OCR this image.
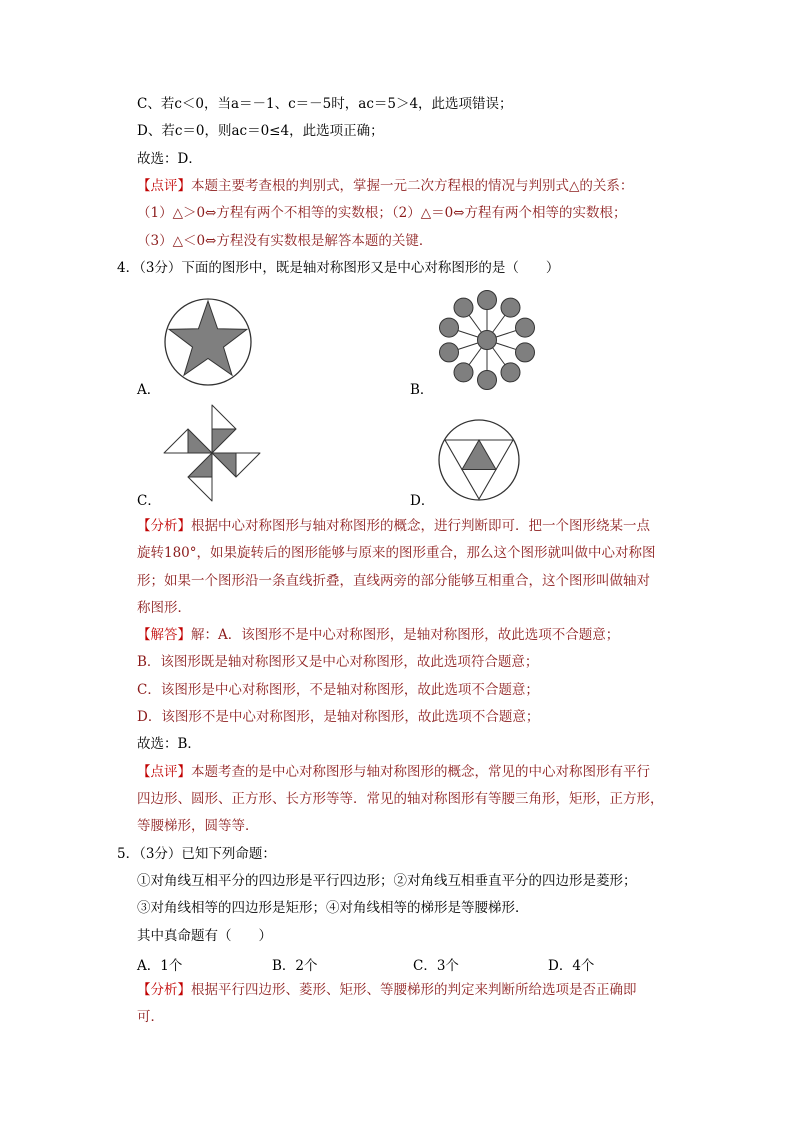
C、若c＜0，当a＝－1、c＝－5时，ac＝5＞4，此选项错误；
D、若c＝0，则ac＝0≤4，此选项正确；
故选：D．
【点评】本题主要考查根的判别式，掌握一元二次方程根的情况与判别式△的关系：
（1）△＞0⇔方程有两个不相等的实数根；（2）△＝0⇔方程有两个相等的实数根；
（3）△＜0⇔方程没有实数根是解答本题的关键．
4．（3分）下面的图形中，既是轴对称图形又是中心对称图形的是（　　）
A．	B．
C．	D．
【分析】根据中心对称图形与轴对称图形的概念，进行判断即可．把一个图形绕某一点
旋转180°，如果旋转后的图形能够与原来的图形重合，那么这个图形就叫做中心对称图
形；如果一个图形沿一条直线折叠，直线两旁的部分能够互相重合，这个图形叫做轴对
称图形．
【解答】解：A．该图形不是中心对称图形，是轴对称图形，故此选项不合题意；
B．该图形既是轴对称图形又是中心对称图形，故此选项符合题意；
C．该图形是中心对称图形，不是轴对称图形，故此选项不合题意；
D．该图形不是中心对称图形，是轴对称图形，故此选项不合题意；
故选：B．
【点评】本题考查的是中心对称图形与轴对称图形的概念，常见的中心对称图形有平行
四边形、圆形、正方形、长方形等等．常见的轴对称图形有等腰三角形，矩形，正方形，
等腰梯形，圆等等．
5．（3分）已知下列命题：
①对角线互相平分的四边形是平行四边形；②对角线互相垂直平分的四边形是菱形；
③对角线相等的四边形是矩形；④对角线相等的梯形是等腰梯形．
其中真命题有（　　）
A．1个	B．2个	C．3个	D．4个
【分析】根据平行四边形、菱形、矩形、等腰梯形的判定来判断所给选项是否正确即
可．
